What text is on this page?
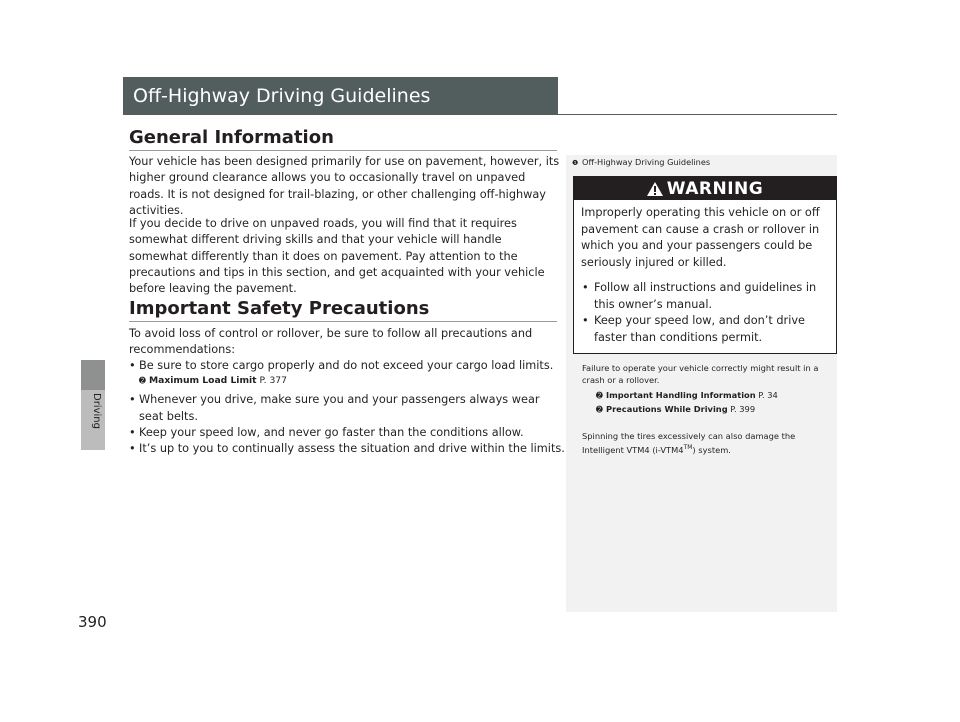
Driving
390
Off-Highway Driving Guidelines
General Information

Your vehicle has been designed primarily for use on pavement, however, its higher ground clearance allows you to occasionally travel on unpaved roads. It is not designed for trail-blazing, or other challenging off-highway activities.

If you decide to drive on unpaved roads, you will find that it requires somewhat different driving skills and that your vehicle will handle somewhat differently than it does on pavement. Pay attention to the precautions and tips in this section, and get acquainted with your vehicle before leaving the pavement.

Important Safety Precautions

To avoid loss of control or rollover, be sure to follow all precautions and recommendations:

• Be sure to store cargo properly and do not exceed your cargo load limits.
➋ Maximum Load Limit P. 377
• Whenever you drive, make sure you and your passengers always wear seat belts.
• Keep your speed low, and never go faster than the conditions allow.
• It’s up to you to continually assess the situation and drive within the limits.
❶ Off-Highway Driving Guidelines
WARNING

Improperly operating this vehicle on or off pavement can cause a crash or rollover in which you and your passengers could be seriously injured or killed.

• Follow all instructions and guidelines in this owner’s manual.
• Keep your speed low, and don’t drive faster than conditions permit.

Failure to operate your vehicle correctly might result in a crash or a rollover.

➋ Important Handling Information P. 34
➋ Precautions While Driving P. 399

Spinning the tires excessively can also damage the Intelligent VTM4 (i-VTM4™) system.
